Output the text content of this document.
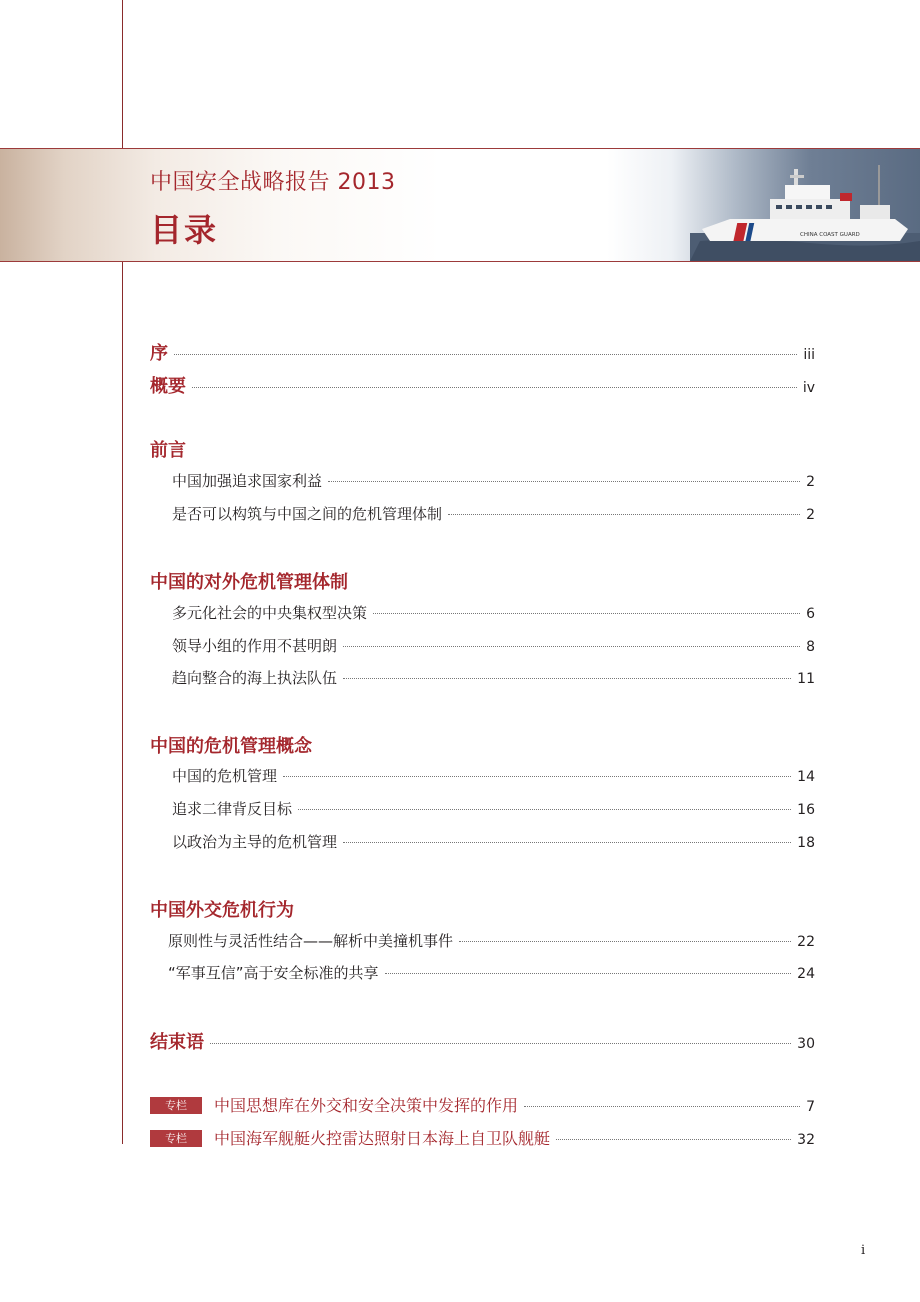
中国安全战略报告 2013
目录	CHINA COAST GUARD
序	iii
概要	iv
前言
中国加强追求国家利益	2
是否可以构筑与中国之间的危机管理体制	2
中国的对外危机管理体制
多元化社会的中央集权型决策	6
领导小组的作用不甚明朗	8
趋向整合的海上执法队伍	11
中国的危机管理概念
中国的危机管理	14
追求二律背反目标	16
以政治为主导的危机管理	18
中国外交危机行为
原则性与灵活性结合——解析中美撞机事件	22
“军事互信”高于安全标准的共享	24
结束语	30
专栏	中国思想库在外交和安全决策中发挥的作用	7
专栏	中国海军舰艇火控雷达照射日本海上自卫队舰艇	32
i
